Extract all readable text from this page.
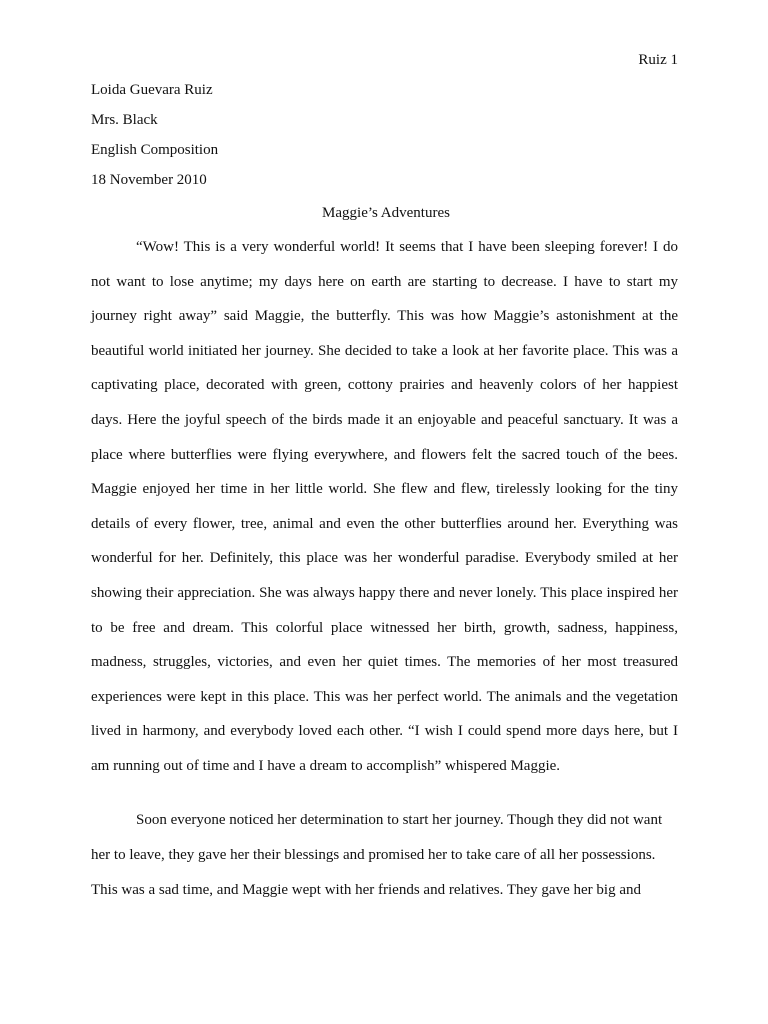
Ruiz 1
Loida Guevara Ruiz
Mrs. Black
English Composition
18 November 2010
Maggie’s Adventures

“Wow! This is a very wonderful world! It seems that I have been sleeping forever! I do not want to lose anytime; my days here on earth are starting to decrease. I have to start my journey right away” said Maggie, the butterfly. This was how Maggie’s astonishment at the beautiful world initiated her journey. She decided to take a look at her favorite place. This was a captivating place, decorated with green, cottony prairies and heavenly colors of her happiest days. Here the joyful speech of the birds made it an enjoyable and peaceful sanctuary. It was a place where butterflies were flying everywhere, and flowers felt the sacred touch of the bees. Maggie enjoyed her time in her little world. She flew and flew, tirelessly looking for the tiny details of every flower, tree, animal and even the other butterflies around her. Everything was wonderful for her. Definitely, this place was her wonderful paradise. Everybody smiled at her showing their appreciation. She was always happy there and never lonely. This place inspired her to be free and dream. This colorful place witnessed her birth, growth, sadness, happiness, madness, struggles, victories, and even her quiet times. The memories of her most treasured experiences were kept in this place. This was her perfect world. The animals and the vegetation lived in harmony, and everybody loved each other. “I wish I could spend more days here, but I am running out of time and I have a dream to accomplish” whispered Maggie.

Soon everyone noticed her determination to start her journey. Though they did not want her to leave, they gave her their blessings and promised her to take care of all her possessions. This was a sad time, and Maggie wept with her friends and relatives. They gave her big and
